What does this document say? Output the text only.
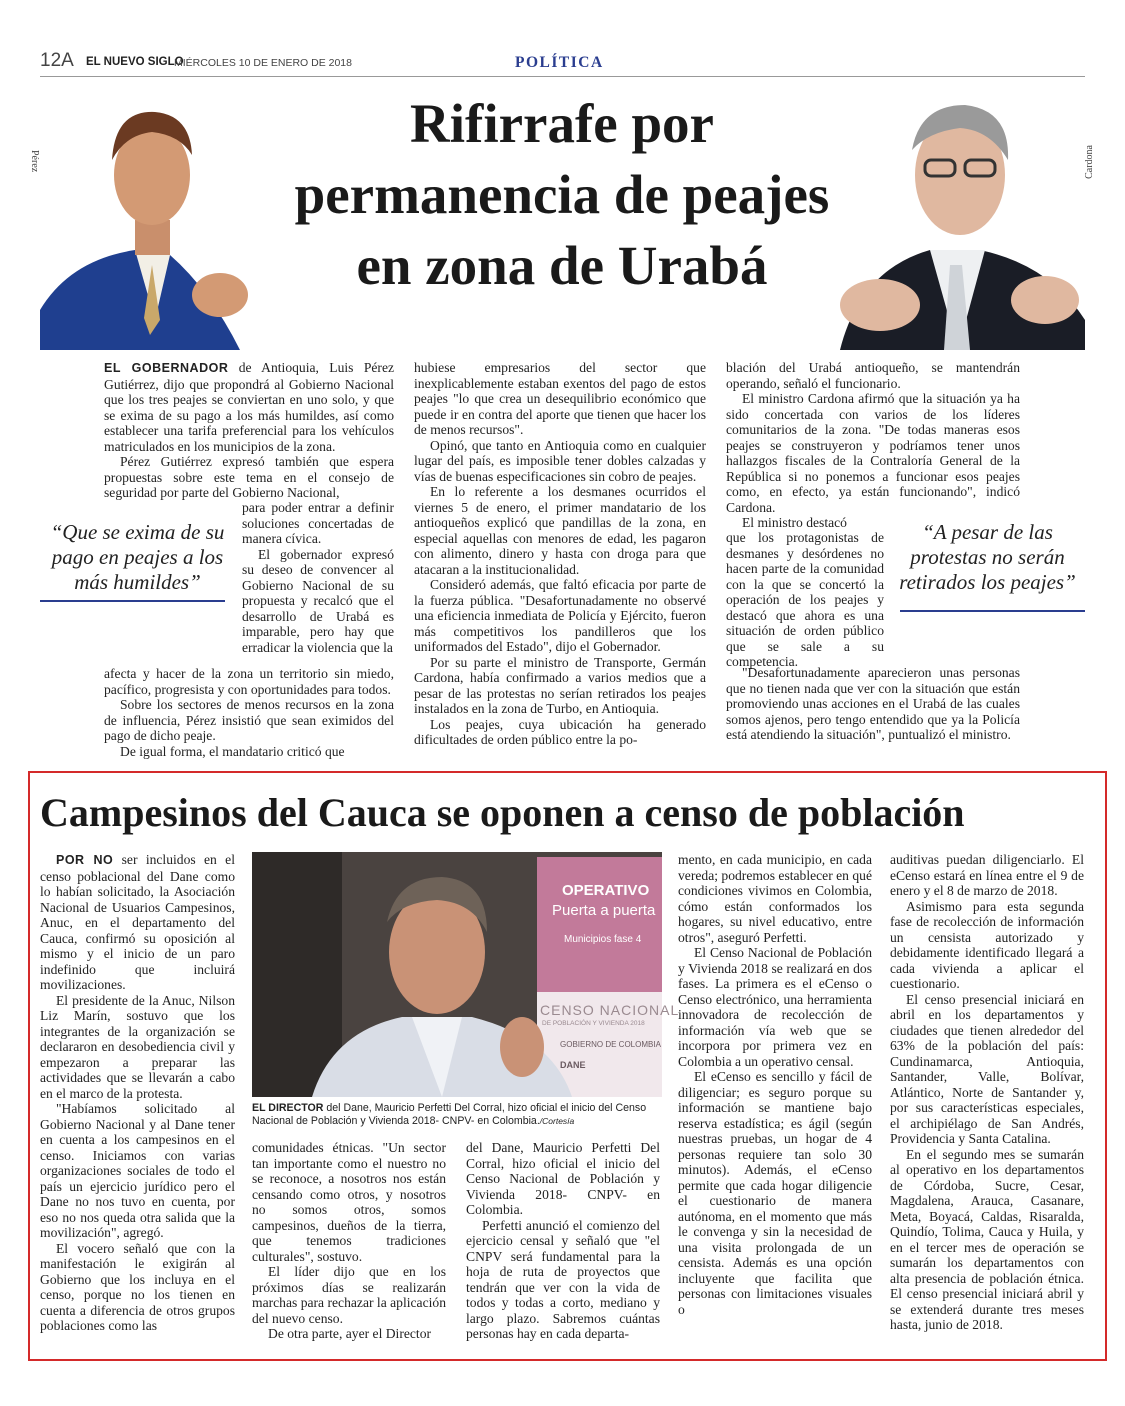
12A EL NUEVO SIGLO
MIÉRCOLES 10 DE ENERO DE 2018	POLÍTICA
Pérez	Cardona
Rifirrafe por
permanencia de peajes
en zona de Urabá

EL GOBERNADOR de Antioquia, Luis Pérez Gutiérrez, dijo que propondrá al Gobierno Nacional que los tres peajes se conviertan en uno solo, y que se exima de su pago a los más humildes, así como establecer una tarifa preferencial para los vehículos matriculados en los municipios de la zona.

Pérez Gutiérrez expresó también que espera propuestas sobre este tema en el consejo de seguridad por parte del Gobierno Nacional,

para poder entrar a definir soluciones concertadas de manera cívica.

El gobernador expresó su deseo de convencer al Gobierno Nacional de su propuesta y recalcó que el desarrollo de Urabá es imparable, pero hay que erradicar la violencia que la

“Que se exima de su pago en peajes a los más humildes”

afecta y hacer de la zona un territorio sin miedo, pacífico, progresista y con oportunidades para todos.

Sobre los sectores de menos recursos en la zona de influencia, Pérez insistió que sean eximidos del pago de dicho peaje.

De igual forma, el mandatario criticó que

hubiese empresarios del sector que inexplicablemente estaban exentos del pago de estos peajes "lo que crea un desequilibrio económico que puede ir en contra del aporte que tienen que hacer los de menos recursos".

Opinó, que tanto en Antioquia como en cualquier lugar del país, es imposible tener dobles calzadas y vías de buenas especificaciones sin cobro de peajes.

En lo referente a los desmanes ocurridos el viernes 5 de enero, el primer mandatario de los antioqueños explicó que pandillas de la zona, en especial aquellas con menores de edad, les pagaron con alimento, dinero y hasta con droga para que atacaran a la institucionalidad.

Consideró además, que faltó eficacia por parte de la fuerza pública. "Desafortunadamente no observé una eficiencia inmediata de Policía y Ejército, fueron más competitivos los pandilleros que los uniformados del Estado", dijo el Gobernador.

Por su parte el ministro de Transporte, Germán Cardona, había confirmado a varios medios que a pesar de las protestas no serían retirados los peajes instalados en la zona de Turbo, en Antioquia.

Los peajes, cuya ubicación ha generado dificultades de orden público entre la po-

blación del Urabá antioqueño, se mantendrán operando, señaló el funcionario.

El ministro Cardona afirmó que la situación ya ha sido concertada con varios de los líderes comunitarios de la zona. "De todas maneras esos peajes se construyeron y podríamos tener unos hallazgos fiscales de la Contraloría General de la República si no ponemos a funcionar esos peajes como, en efecto, ya están funcionando", indicó Cardona.

El ministro destacó

que los protagonistas de desmanes y desórdenes no hacen parte de la comunidad con la que se concertó la operación de los peajes y destacó que ahora es una situación de orden público que se sale a su competencia.

“A pesar de las protestas no serán retirados los peajes”

"Desafortunadamente aparecieron unas personas que no tienen nada que ver con la situación que están promoviendo unas acciones en el Urabá de las cuales somos ajenos, pero tengo entendido que ya la Policía está atendiendo la situación", puntualizó el ministro.

Campesinos del Cauca se oponen a censo de población

POR NO ser incluidos en el censo poblacional del Dane como lo habían solicitado, la Asociación Nacional de Usuarios Campesinos, Anuc, en el departamento del Cauca, confirmó su oposición al mismo y el inicio de un paro indefinido que incluirá movilizaciones.

El presidente de la Anuc, Nilson Liz Marín, sostuvo que los integrantes de la organización se declararon en desobediencia civil y empezaron a preparar las actividades que se llevarán a cabo en el marco de la protesta.

"Habíamos solicitado al Gobierno Nacional y al Dane tener en cuenta a los campesinos en el censo. Iniciamos con varias organizaciones sociales de todo el país un ejercicio jurídico pero el Dane no nos tuvo en cuenta, por eso no nos queda otra salida que la movilización", agregó.

El vocero señaló que con la manifestación le exigirán al Gobierno que los incluya en el censo, porque no los tienen en cuenta a diferencia de otros grupos poblaciones como las

OPERATIVO
Puerta a puerta
Municipios fase 4
CENSO NACIONAL
DE POBLACIÓN Y VIVIENDA 2018
GOBIERNO DE COLOMBIA
DANE
EL DIRECTOR del Dane, Mauricio Perfetti Del Corral, hizo oficial el inicio del Censo Nacional de Población y Vivienda 2018- CNPV- en Colombia./Cortesía

comunidades étnicas. "Un sector tan importante como el nuestro no se reconoce, a nosotros nos están censando como otros, y nosotros no somos otros, somos campesinos, dueños de la tierra, que tenemos tradiciones culturales", sostuvo.

El líder dijo que en los próximos días se realizarán marchas para rechazar la aplicación del nuevo censo.

De otra parte, ayer el Director

del Dane, Mauricio Perfetti Del Corral, hizo oficial el inicio del Censo Nacional de Población y Vivienda 2018- CNPV- en Colombia.

Perfetti anunció el comienzo del ejercicio censal y señaló que "el CNPV será fundamental para la hoja de ruta de proyectos que tendrán que ver con la vida de todos y todas a corto, mediano y largo plazo. Sabremos cuántas personas hay en cada departa-

mento, en cada municipio, en cada vereda; podremos establecer en qué condiciones vivimos en Colombia, cómo están conformados los hogares, su nivel educativo, entre otros", aseguró Perfetti.

El Censo Nacional de Población y Vivienda 2018 se realizará en dos fases. La primera es el eCenso o Censo electrónico, una herramienta innovadora de recolección de información vía web que se incorpora por primera vez en Colombia a un operativo censal.

El eCenso es sencillo y fácil de diligenciar; es seguro porque su información se mantiene bajo reserva estadística; es ágil (según nuestras pruebas, un hogar de 4 personas requiere tan solo 30 minutos). Además, el eCenso permite que cada hogar diligencie el cuestionario de manera autónoma, en el momento que más le convenga y sin la necesidad de una visita prolongada de un censista. Además es una opción incluyente que facilita que personas con limitaciones visuales o

auditivas puedan diligenciarlo. El eCenso estará en línea entre el 9 de enero y el 8 de marzo de 2018.

Asimismo para esta segunda fase de recolección de información un censista autorizado y debidamente identificado llegará a cada vivienda a aplicar el cuestionario.

El censo presencial iniciará en abril en los departamentos y ciudades que tienen alrededor del 63% de la población del país: Cundinamarca, Antioquia, Santander, Valle, Bolívar, Atlántico, Norte de Santander y, por sus características especiales, el archipiélago de San Andrés, Providencia y Santa Catalina.

En el segundo mes se sumarán al operativo en los departamentos de Córdoba, Sucre, Cesar, Magdalena, Arauca, Casanare, Meta, Boyacá, Caldas, Risaralda, Quindío, Tolima, Cauca y Huila, y en el tercer mes de operación se sumarán los departamentos con alta presencia de población étnica. El censo presencial iniciará abril y se extenderá durante tres meses hasta, junio de 2018.
